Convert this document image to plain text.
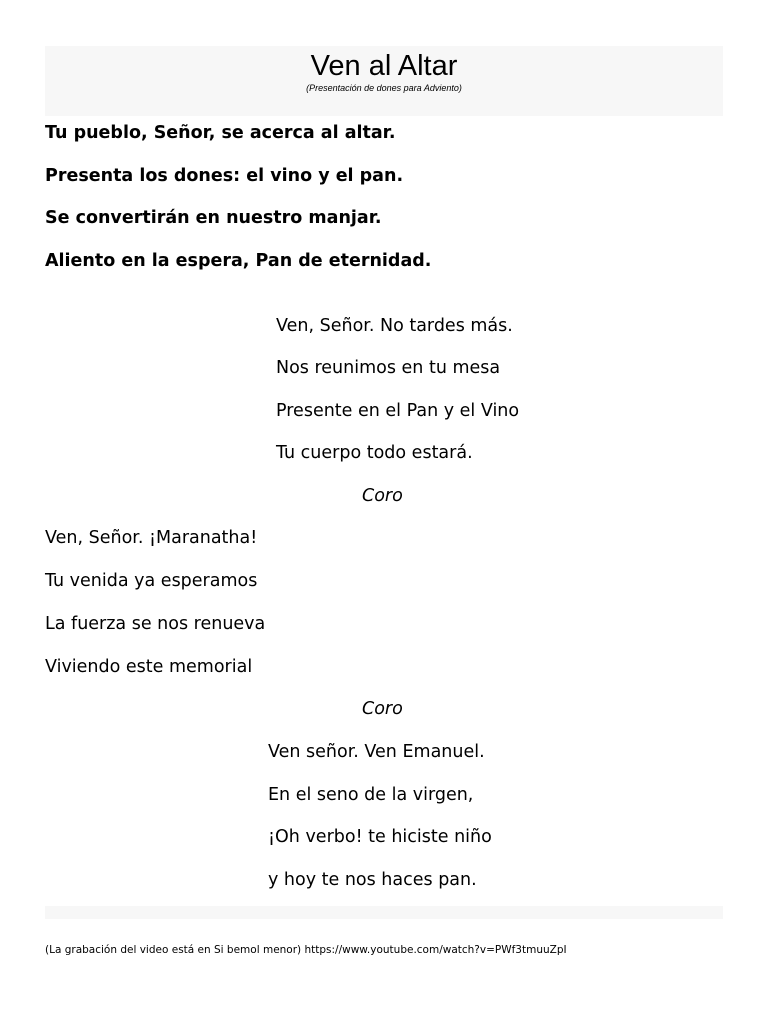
Ven al Altar
(Presentación de dones para Adviento)
Tu pueblo, Señor, se acerca al altar.
Presenta los dones: el vino y el pan.
Se convertirán en nuestro manjar.
Aliento en la espera, Pan de eternidad.
Ven, Señor. No tardes más.
Nos reunimos en tu mesa
Presente en el Pan y el Vino
Tu cuerpo todo estará.
Coro
Ven, Señor. ¡Maranatha!
Tu venida ya esperamos
La fuerza se nos renueva
Viviendo este memorial
Coro
Ven señor. Ven Emanuel.
En el seno de la virgen,
¡Oh verbo! te hiciste niño
y hoy te nos haces pan.
(La grabación del video está en Si bemol menor) https://www.youtube.com/watch?v=PWf3tmuuZpI
